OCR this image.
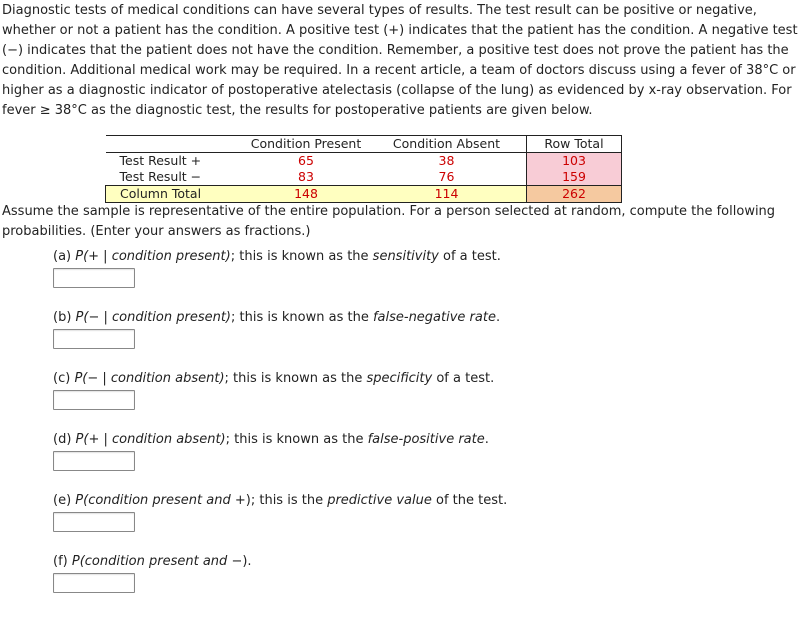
Diagnostic tests of medical conditions can have several types of results. The test result can be positive or negative,
whether or not a patient has the condition. A positive test (+) indicates that the patient has the condition. A negative test
(−) indicates that the patient does not have the condition. Remember, a positive test does not prove the patient has the
condition. Additional medical work may be required. In a recent article, a team of doctors discuss using a fever of 38°C or
higher as a diagnostic indicator of postoperative atelectasis (collapse of the lung) as evidenced by x-ray observation. For
fever ≥ 38°C as the diagnostic test, the results for postoperative patients are given below.

	Condition Present	Condition Absent	Row Total
Test Result +	65	38	103
Test Result −	83	76	159
Column Total	148	114	262

Assume the sample is representative of the entire population. For a person selected at random, compute the following
probabilities. (Enter your answers as fractions.)

(a) P(+ | condition present); this is known as the sensitivity of a test.
(b) P(− | condition present); this is known as the false-negative rate.
(c) P(− | condition absent); this is known as the specificity of a test.
(d) P(+ | condition absent); this is known as the false-positive rate.
(e) P(condition present and +); this is the predictive value of the test.
(f) P(condition present and −).
